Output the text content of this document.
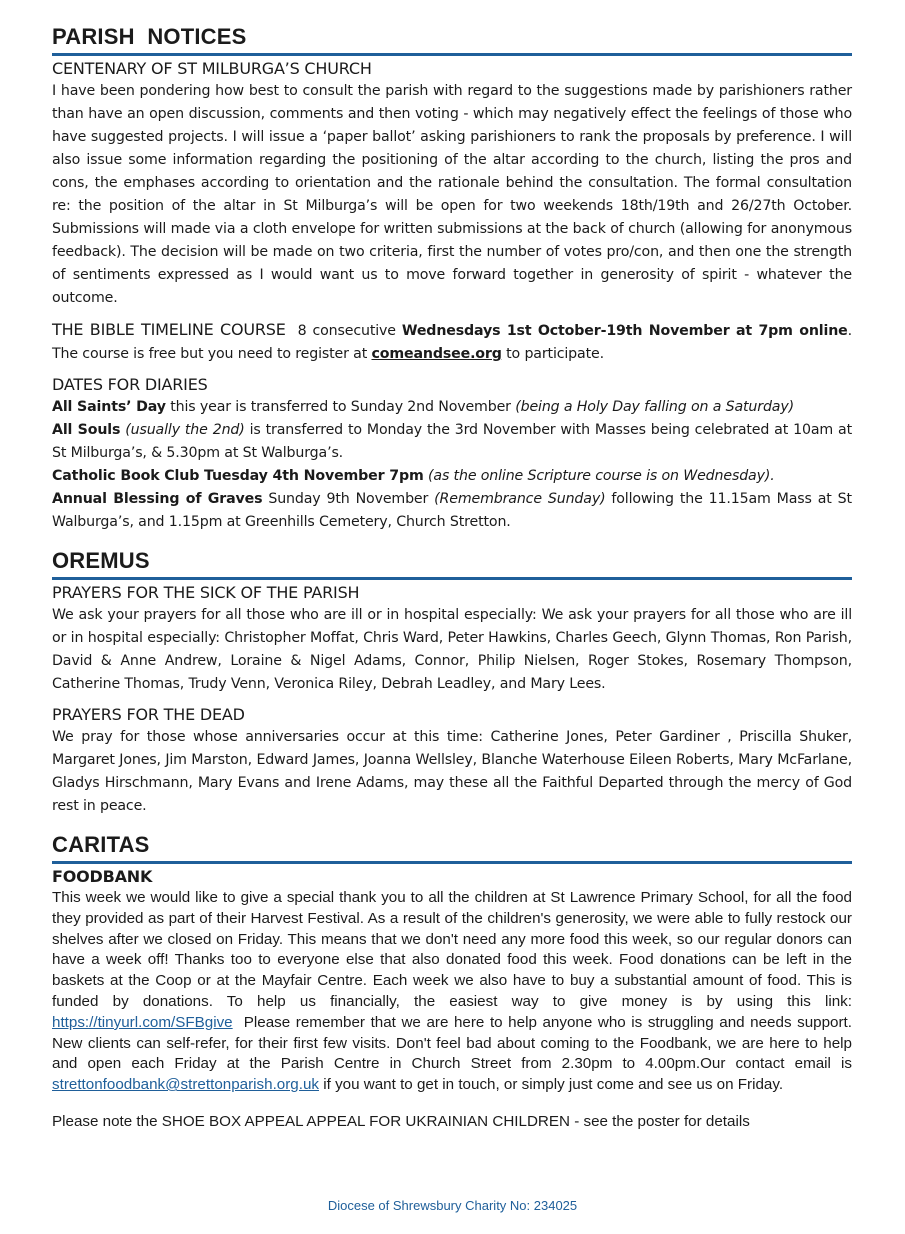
PARISH  NOTICES
CENTENARY OF ST MILBURGA’S CHURCH

I have been pondering how best to consult the parish with regard to the suggestions made by parishioners rather than have an open discussion, comments and then voting - which may negatively effect the feelings of those who have suggested projects. I will issue a ‘paper ballot’ asking parishioners to rank the proposals by preference. I will also issue some information regarding the positioning of the altar according to the church, listing the pros and cons, the emphases according to orientation and the rationale behind the consultation. The formal consultation re: the position of the altar in St Milburga’s will be open for two weekends 18th/19th and 26/27th October. Submissions will made via a cloth envelope for written submissions at the back of church (allowing for anonymous feedback). The decision will be made on two criteria, first the number of votes pro/con, and then one the strength of sentiments expressed as I would want us to move forward together in generosity of spirit - whatever the outcome.

THE BIBLE TIMELINE COURSE 8 consecutive Wednesdays 1st October-19th November at 7pm online. The course is free but you need to register at comeandsee.org to participate.

DATES FOR DIARIES

All Saints’ Day this year is transferred to Sunday 2nd November (being a Holy Day falling on a Saturday)

All Souls (usually the 2nd) is transferred to Monday the 3rd November with Masses being celebrated at 10am at St Milburga’s, & 5.30pm at St Walburga’s.

Catholic Book Club Tuesday 4th November 7pm (as the online Scripture course is on Wednesday).

Annual Blessing of Graves Sunday 9th November (Remembrance Sunday) following the 11.15am Mass at St Walburga’s, and 1.15pm at Greenhills Cemetery, Church Stretton.

OREMUS
PRAYERS FOR THE SICK OF THE PARISH

We ask your prayers for all those who are ill or in hospital especially: We ask your prayers for all those who are ill or in hospital especially: Christopher Moffat, Chris Ward, Peter Hawkins, Charles Geech, Glynn Thomas, Ron Parish, David & Anne Andrew, Loraine & Nigel Adams, Connor, Philip Nielsen, Roger Stokes, Rosemary Thompson, Catherine Thomas, Trudy Venn, Veronica Riley, Debrah Leadley, and Mary Lees.

PRAYERS FOR THE DEAD

We pray for those whose anniversaries occur at this time: Catherine Jones, Peter Gardiner , Priscilla Shuker, Margaret Jones, Jim Marston, Edward James, Joanna Wellsley, Blanche Waterhouse Eileen Roberts, Mary McFarlane, Gladys Hirschmann, Mary Evans and Irene Adams, may these all the Faithful Departed through the mercy of God rest in peace.

CARITAS
FOODBANK

This week we would like to give a special thank you to all the children at St Lawrence Primary School, for all the food they provided as part of their Harvest Festival. As a result of the children's generosity, we were able to fully restock our shelves after we closed on Friday. This means that we don't need any more food this week, so our regular donors can have a week off! Thanks too to everyone else that also donated food this week. Food donations can be left in the baskets at the Coop or at the Mayfair Centre. Each week we also have to buy a substantial amount of food. This is funded by donations. To help us financially, the easiest way to give money is by using this link: https://tinyurl.com/SFBgive Please remember that we are here to help anyone who is struggling and needs support. New clients can self-refer, for their first few visits. Don't feel bad about coming to the Foodbank, we are here to help and open each Friday at the Parish Centre in Church Street from 2.30pm to 4.00pm.Our contact email is strettonfoodbank@strettonparish.org.uk if you want to get in touch, or simply just come and see us on Friday.

Please note the SHOE BOX APPEAL APPEAL FOR UKRAINIAN CHILDREN - see the poster for details

Diocese of Shrewsbury Charity No: 234025
